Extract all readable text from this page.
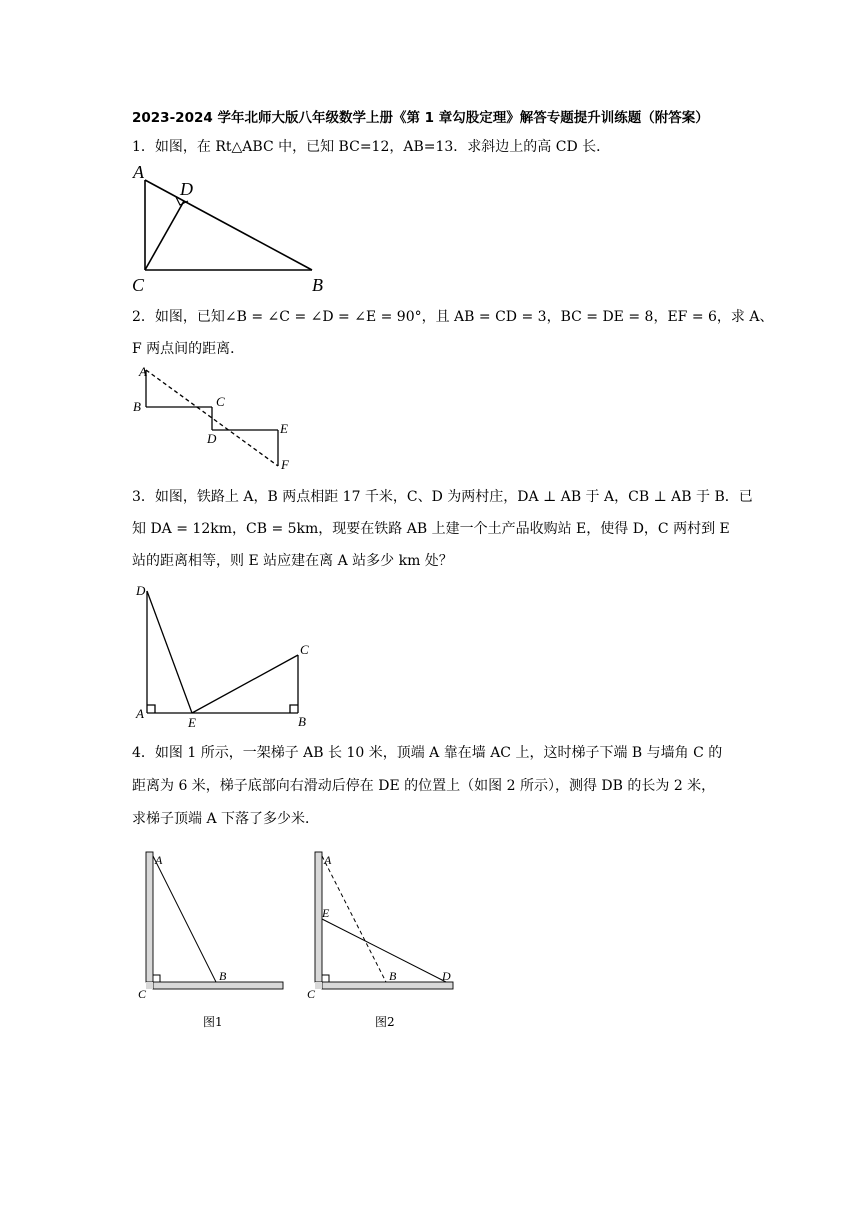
2023-2024 学年北师大版八年级数学上册《第 1 章勾股定理》解答专题提升训练题（附答案）
1．如图，在 Rt△ABC 中，已知 BC=12，AB=13．求斜边上的高 CD 长．
A
D
C	B
2．如图，已知∠B = ∠C = ∠D = ∠E = 90°，且 AB = CD = 3，BC = DE = 8，EF = 6，求 A、
F 两点间的距离．
A
B	C
D
E
F
3．如图，铁路上 A，B 两点相距 17 千米，C、D 为两村庄，DA ⊥ AB 于 A，CB ⊥ AB 于 B．已
知 DA = 12km，CB = 5km，现要在铁路 AB 上建一个土产品收购站 E，使得 D，C 两村到 E
站的距离相等，则 E 站应建在离 A 站多少 km 处？
D
A
E	B
C
4．如图 1 所示，一架梯子 AB 长 10 米，顶端 A 靠在墙 AC 上，这时梯子下端 B 与墙角 C 的
距离为 6 米，梯子底部向右滑动后停在 DE 的位置上（如图 2 所示），测得 DB 的长为 2 米，
求梯子顶端 A 下落了多少米．
A
B
C
图1
A
E
B	D
C
图2
